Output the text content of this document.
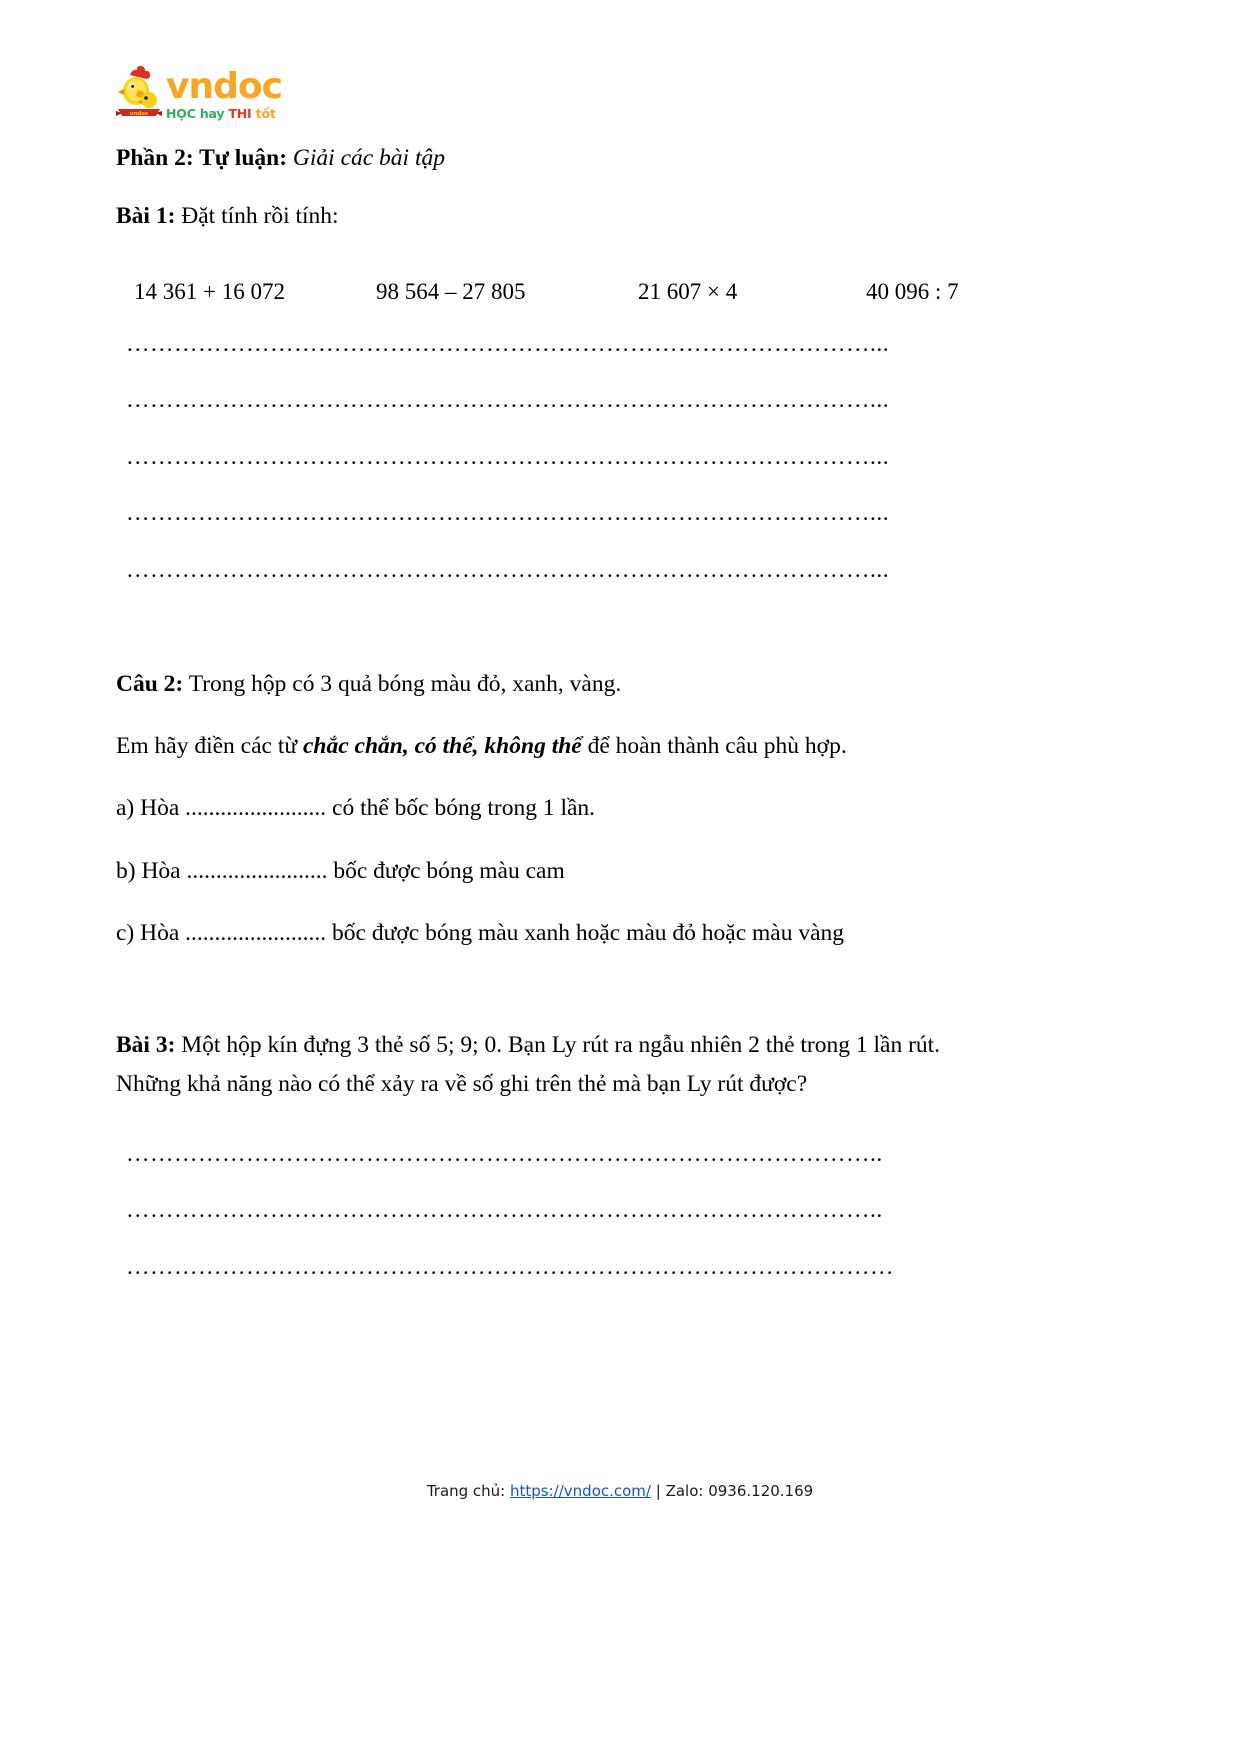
vndoc
vndoc
HỌC hay THI tốt

Phần 2: Tự luận: Giải các bài tập

Bài 1: Đặt tính rồi tính:

14 361 + 16 072	98 564 – 27 805	21 607 × 4	40 096 : 7
…………………………………………………………………………………...
…………………………………………………………………………………...
…………………………………………………………………………………...
…………………………………………………………………………………...
…………………………………………………………………………………...

Câu 2: Trong hộp có 3 quả bóng màu đỏ, xanh, vàng.

Em hãy điền các từ chắc chắn, có thể, không thể để hoàn thành câu phù hợp.

a) Hòa ........................ có thể bốc bóng trong 1 lần.

b) Hòa ........................ bốc được bóng màu cam

c) Hòa ........................ bốc được bóng màu xanh hoặc màu đỏ hoặc màu vàng

Bài 3: Một hộp kín đựng 3 thẻ số 5; 9; 0. Bạn Ly rút ra ngẫu nhiên 2 thẻ trong 1 lần rút. Những khả năng nào có thể xảy ra về số ghi trên thẻ mà bạn Ly rút được?

…………………………………………………………………………………..
…………………………………………………………………………………..
……………………………………………………………………………………
Trang chủ: https://vndoc.com/ | Zalo: 0936.120.169
